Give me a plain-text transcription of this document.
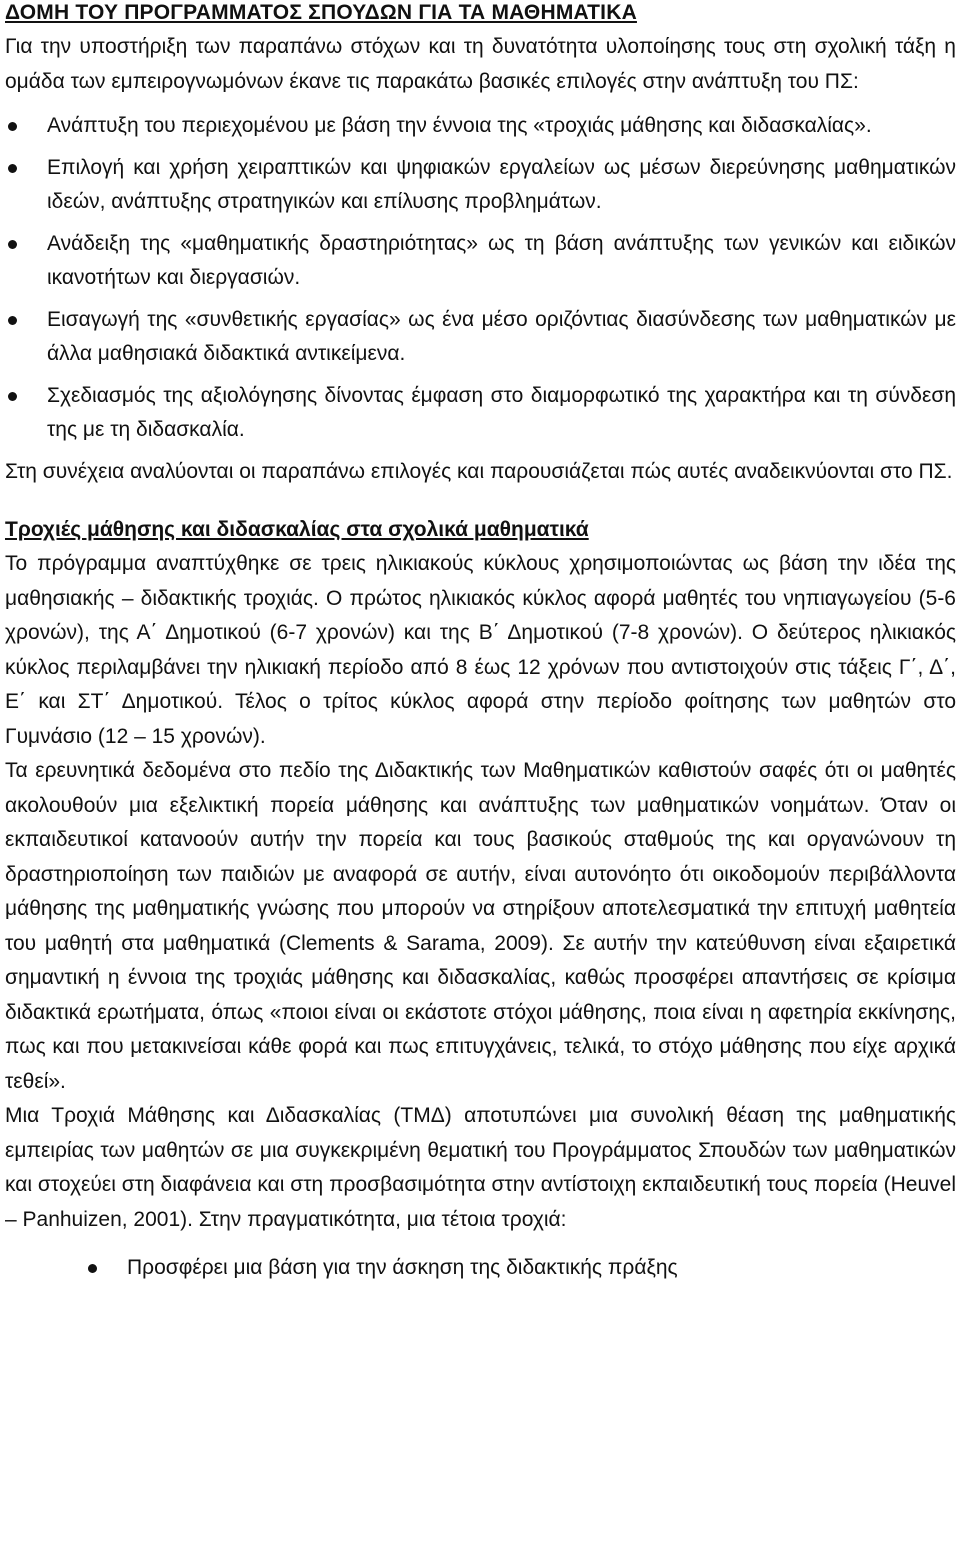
ΔΟΜΗ ΤΟΥ ΠΡΟΓΡΑΜΜΑΤΟΣ ΣΠΟΥΔΩΝ ΓΙΑ ΤΑ ΜΑΘΗΜΑΤΙΚΑ

Για την υποστήριξη των παραπάνω στόχων και τη δυνατότητα υλοποίησης τους στη σχολική τάξη η ομάδα των εμπειρογνωμόνων έκανε τις παρακάτω βασικές επιλογές στην ανάπτυξη του ΠΣ:

Ανάπτυξη του περιεχομένου με βάση την έννοια της «τροχιάς μάθησης και διδασκαλίας».
Επιλογή και χρήση χειραπτικών και ψηφιακών εργαλείων ως μέσων διερεύνησης μαθηματικών ιδεών, ανάπτυξης στρατηγικών και επίλυσης προβλημάτων.
Ανάδειξη της «μαθηματικής δραστηριότητας» ως τη βάση ανάπτυξης των γενικών και ειδικών ικανοτήτων και διεργασιών.
Εισαγωγή της «συνθετικής εργασίας» ως ένα μέσο οριζόντιας διασύνδεσης των μαθηματικών με άλλα μαθησιακά διδακτικά αντικείμενα.
Σχεδιασμός της αξιολόγησης δίνοντας έμφαση στο διαμορφωτικό της χαρακτήρα και τη σύνδεση της με τη διδασκαλία.

Στη συνέχεια αναλύονται οι παραπάνω επιλογές και παρουσιάζεται πώς αυτές αναδεικνύονται στο ΠΣ.

Τροχιές μάθησης και διδασκαλίας στα σχολικά μαθηματικά

Το πρόγραμμα αναπτύχθηκε σε τρεις ηλικιακούς κύκλους χρησιμοποιώντας ως βάση την ιδέα της μαθησιακής – διδακτικής τροχιάς. Ο πρώτος ηλικιακός κύκλος αφορά μαθητές του νηπιαγωγείου (5-6 χρονών), της Α΄ Δημοτικού (6-7 χρονών) και της Β΄ Δημοτικού (7-8 χρονών). Ο δεύτερος ηλικιακός κύκλος περιλαμβάνει την ηλικιακή περίοδο από 8 έως 12 χρόνων που αντιστοιχούν στις τάξεις Γ΄, Δ΄, Ε΄ και ΣΤ΄ Δημοτικού. Τέλος ο τρίτος κύκλος αφορά στην περίοδο φοίτησης των μαθητών στο Γυμνάσιο (12 – 15 χρονών).

Τα ερευνητικά δεδομένα στο πεδίο της Διδακτικής των Μαθηματικών καθιστούν σαφές ότι οι μαθητές ακολουθούν μια εξελικτική πορεία μάθησης και ανάπτυξης των μαθηματικών νοημάτων. Όταν οι εκπαιδευτικοί κατανοούν αυτήν την πορεία και τους βασικούς σταθμούς της και οργανώνουν τη δραστηριοποίηση των παιδιών με αναφορά σε αυτήν, είναι αυτονόητο ότι οικοδομούν περιβάλλοντα μάθησης της μαθηματικής γνώσης που μπορούν να στηρίξουν αποτελεσματικά την επιτυχή μαθητεία του μαθητή στα μαθηματικά (Clements & Sarama, 2009). Σε αυτήν την κατεύθυνση είναι εξαιρετικά σημαντική η έννοια της τροχιάς μάθησης και διδασκαλίας, καθώς προσφέρει απαντήσεις σε κρίσιμα διδακτικά ερωτήματα, όπως «ποιοι είναι οι εκάστοτε στόχοι μάθησης, ποια είναι η αφετηρία εκκίνησης, πως και που μετακινείσαι κάθε φορά και πως επιτυγχάνεις, τελικά, το στόχο μάθησης που είχε αρχικά τεθεί».

Μια Τροχιά Μάθησης και Διδασκαλίας (ΤΜΔ) αποτυπώνει μια συνολική θέαση της μαθηματικής εμπειρίας των μαθητών σε μια συγκεκριμένη θεματική του Προγράμματος Σπουδών των μαθηματικών και στοχεύει στη διαφάνεια και στη προσβασιμότητα στην αντίστοιχη εκπαιδευτική τους πορεία (Heuvel – Panhuizen, 2001). Στην πραγματικότητα, μια τέτοια τροχιά:

Προσφέρει μια βάση για την άσκηση της διδακτικής πράξης
